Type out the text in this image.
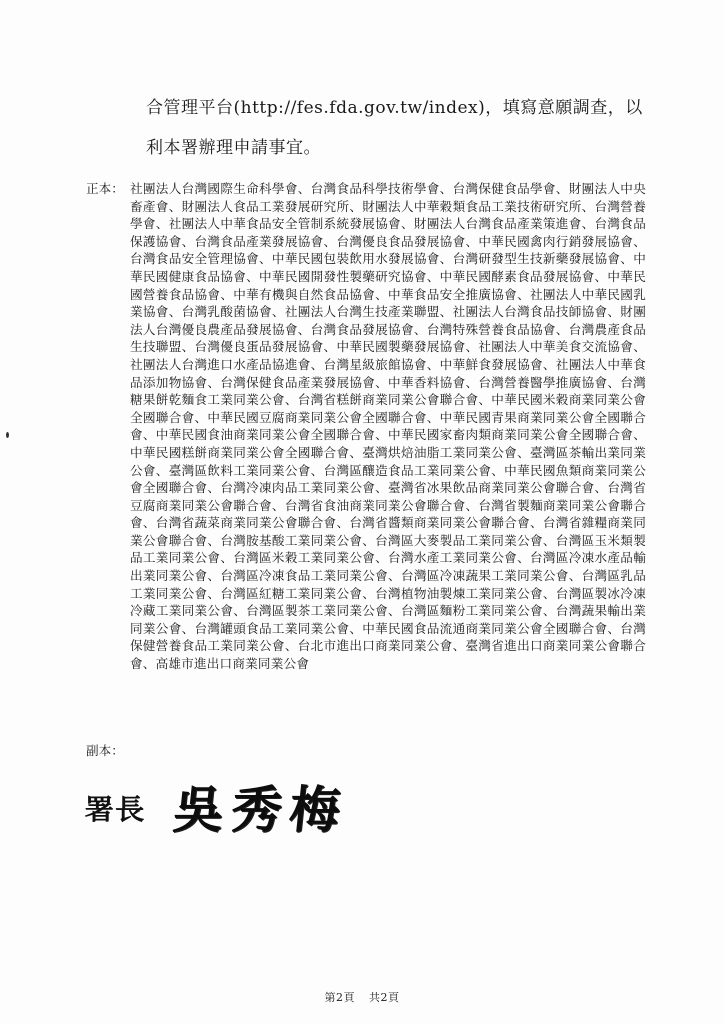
合管理平台(http://fes.fda.gov.tw/index)，填寫意願調查，以

利本署辦理申請事宜。

正本： 社團法人台灣國際生命科學會、台灣食品科學技術學會、台灣保健食品學會、財團法人中央畜產會、財團法人食品工業發展研究所、財團法人中華穀類食品工業技術研究所、台灣營養學會、社團法人中華食品安全管制系統發展協會、財團法人台灣食品產業策進會、台灣食品保護協會、台灣食品產業發展協會、台灣優良食品發展協會、中華民國禽肉行銷發展協會、台灣食品安全管理協會、中華民國包裝飲用水發展協會、台灣研發型生技新藥發展協會、中華民國健康食品協會、中華民國開發性製藥研究協會、中華民國酵素食品發展協會、中華民國營養食品協會、中華有機與自然食品協會、中華食品安全推廣協會、社團法人中華民國乳業協會、台灣乳酸菌協會、社團法人台灣生技產業聯盟、社團法人台灣食品技師協會、財團法人台灣優良農產品發展協會、台灣食品發展協會、台灣特殊營養食品協會、台灣農產食品生技聯盟、台灣優良蛋品發展協會、中華民國製藥發展協會、社團法人中華美食交流協會、社團法人台灣進口水產品協進會、台灣星級旅館協會、中華鮮食發展協會、社團法人中華食品添加物協會、台灣保健食品產業發展協會、中華香料協會、台灣營養醫學推廣協會、台灣糖果餅乾麵食工業同業公會、台灣省糕餅商業同業公會聯合會、中華民國米穀商業同業公會全國聯合會、中華民國豆腐商業同業公會全國聯合會、中華民國青果商業同業公會全國聯合會、中華民國食油商業同業公會全國聯合會、中華民國家畜肉類商業同業公會全國聯合會、中華民國糕餅商業同業公會全國聯合會、臺灣烘焙油脂工業同業公會、臺灣區茶輸出業同業公會、臺灣區飲料工業同業公會、台灣區釀造食品工業同業公會、中華民國魚類商業同業公會全國聯合會、台灣冷凍肉品工業同業公會、臺灣省冰果飲品商業同業公會聯合會、台灣省豆腐商業同業公會聯合會、台灣省食油商業同業公會聯合會、台灣省製麵商業同業公會聯合會、台灣省蔬菜商業同業公會聯合會、台灣省醬類商業同業公會聯合會、台灣省雜糧商業同業公會聯合會、台灣胺基酸工業同業公會、台灣區大麥製品工業同業公會、台灣區玉米類製品工業同業公會、台灣區米穀工業同業公會、台灣水產工業同業公會、台灣區冷凍水產品輸出業同業公會、台灣區冷凍食品工業同業公會、台灣區冷凍蔬果工業同業公會、台灣區乳品工業同業公會、台灣區紅糖工業同業公會、台灣植物油製煉工業同業公會、台灣區製冰冷凍冷藏工業同業公會、台灣區製茶工業同業公會、台灣區麵粉工業同業公會、台灣蔬果輸出業同業公會、台灣罐頭食品工業同業公會、中華民國食品流通商業同業公會全國聯合會、台灣保健營養食品工業同業公會、台北市進出口商業同業公會、臺灣省進出口商業同業公會聯合會、高雄市進出口商業同業公會
副本：
署長 吳秀梅
第2頁 共2頁
